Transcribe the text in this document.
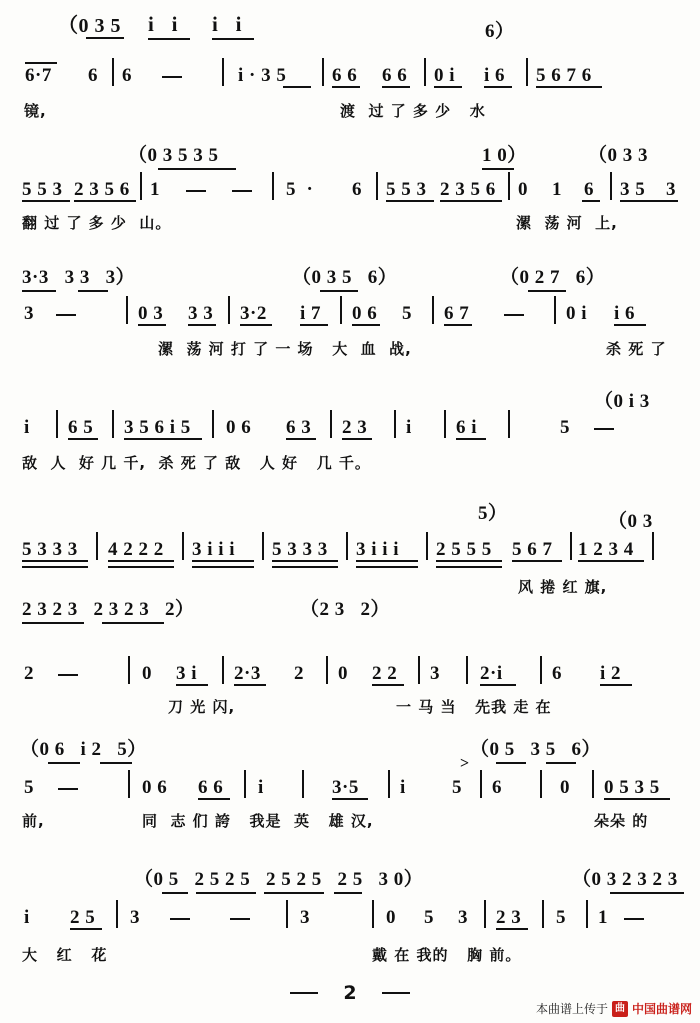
（0 3 5 i   i i   i	6）
6·7 6 6	i · 3 5 6 6 6 6 0 i i 6 5 6 7 6
镜,	渡  过 了 多 少   水
（0 3 5 3 5	1 0）	（0 3 3
5 5 3 2 3 5 6 1	5  · 6 5 5 3 2 3 5 6 0 1 6 3 5 3
翻 过 了 多 少  山。	漯  荡 河  上,
3·3   3 3   3）	（0 3 5   6）	（0 2 7   6）
3	0 3 3 3 3·2 i 7 0 6 5 6 7	0 i i 6
漯  荡 河 打 了 一 场   大  血  战,	杀 死 了
（0 i 3
i 6 5 3 5 6 i 5 0 6 6 3 2 3 i 6 i	5
敌  人  好 几 千,  杀 死 了 敌   人 好   几 千。
5）	（0 3
5 3 3 3 4 2 2 2 3 i i i 5 3 3 3 3 i i i 2 5 5 5 5 6 7 1 2 3 4
风 捲 红 旗,
2 3 2 3   2 3 2 3   2）	（2 3   2）
2	0 3 i 2·3 2 0 2 2 3 2·i	6 i 2
刀 光 闪,	一 马 当   先我 走 在
（0 6   i 2   5）	（0 5   3 5   6）
5	0 6 6 6 i	3·5 i
>
5 6	0 0 5 3 5
前,	同  志 们 誇   我是  英   雄 汉,	朵朵 的
（0 5   2 5 2 5   2 5 2 5   2 5   3 0）	（0 3 2 3 2 3
i 2 5 3	3	0 5 3 2 3 5 1
大   红   花	戴 在 我的   胸 前。
2
本曲谱上传于 曲 中国曲谱网
